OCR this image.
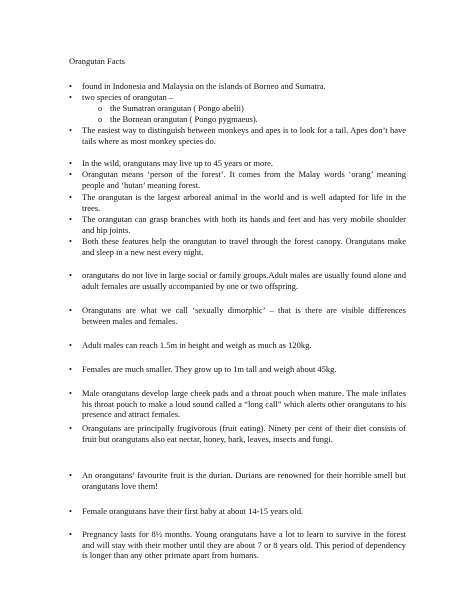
Orangutan Facts
• found in Indonesia and Malaysia on the islands of Borneo and Sumatra.
• two species of orangutan –
o the Sumatran orangutan ( Pongo abelii)
o the Bornean orangutan ( Pongo pygmaeus).
• The easiest way to distinguish between monkeys and apes is to look for a tail. Apes don’t have tails where as most monkey species do.
• In the wild, orangutans may live up to 45 years or more.
• Orangutan means ‘person of the forest’. It comes from the Malay words ‘orang’ meaning people and ‘hutan’ meaning forest.
• The orangutan is the largest arboreal animal in the world and is well adapted for life in the trees.
• The orangutan can grasp branches with both its hands and feet and has very mobile shoulder and hip joints.
• Both these features help the orangutan to travel through the forest canopy. Orangutans make and sleep in a new nest every night.
• orangutans do not live in large social or family groups.Adult males are usually found alone and adult females are usually accompanied by one or two offspring.
• Orangutans are what we call ‘sexually dimorphic’ – that is there are visible differences between males and females.
• Adult males can reach 1.5m in height and weigh as much as 120kg.
• Females are much smaller. They grow up to 1m tall and weigh about 45kg.
• Male orangutans develop large cheek pads and a throat pouch when mature. The male inflates his throat pouch to make a loud sound called a “long call” which alerts other orangutans to his presence and attract females.
• Orangutans are principally frugivorous (fruit eating). Ninety per cent of their diet consists of fruit but orangutans also eat nectar, honey, bark, leaves, insects and fungi.
• An orangutans’ favourite fruit is the durian. Durians are renowned for their horrible smell but orangutans love them!
• Female orangutans have their first baby at about 14-15 years old.
• Pregnancy lasts for 8½ months. Young orangutans have a lot to learn to survive in the forest and will stay with their mother until they are about 7 or 8 years old. This period of dependency is longer than any other primate apart from humans.
